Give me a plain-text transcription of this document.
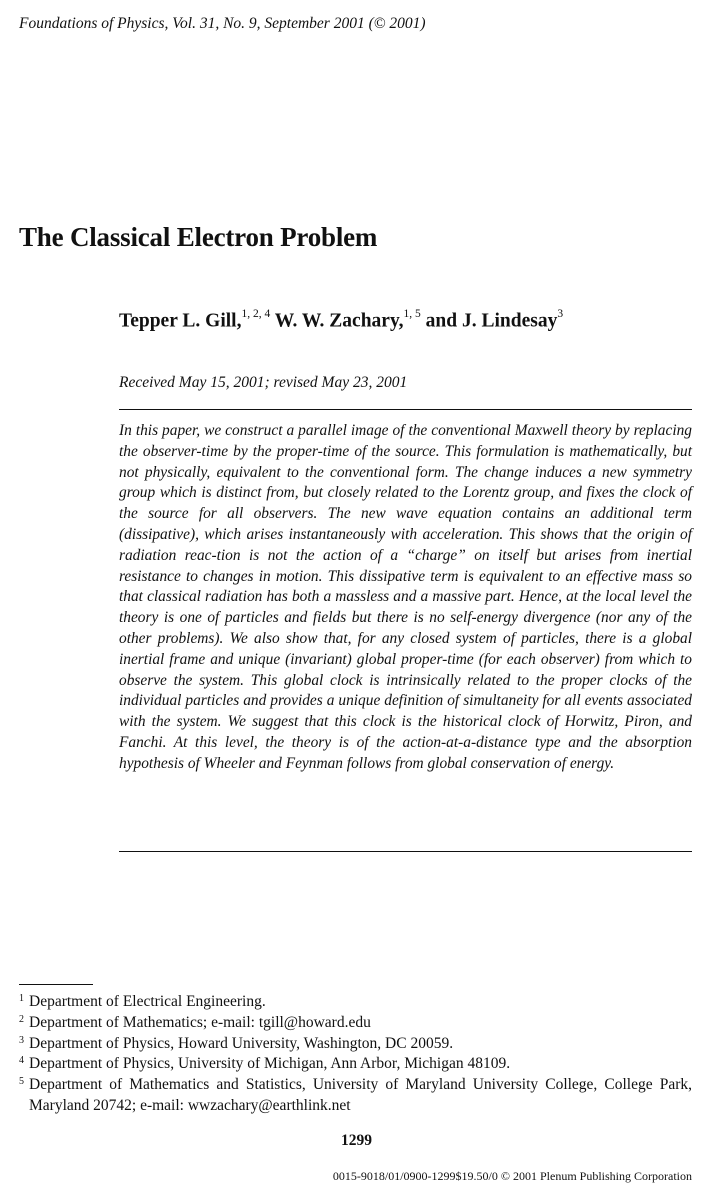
Foundations of Physics, Vol. 31, No. 9, September 2001 (© 2001)
The Classical Electron Problem
Tepper L. Gill,$^{1, 2, 4}$ W. W. Zachary,$^{1, 5}$ and J. Lindesay$^3$
Received May 15, 2001; revised May 23, 2001

In this paper, we construct a parallel image of the conventional Maxwell theory by replacing the observer-time by the proper-time of the source. This formulation is mathematically, but not physically, equivalent to the conventional form. The change induces a new symmetry group which is distinct from, but closely related to the Lorentz group, and fixes the clock of the source for all observers. The new wave equation contains an additional term (dissipative), which arises instantaneously with acceleration. This shows that the origin of radiation reac-tion is not the action of a “charge” on itself but arises from inertial resistance to changes in motion. This dissipative term is equivalent to an effective mass so that classical radiation has both a massless and a massive part. Hence, at the local level the theory is one of particles and fields but there is no self-energy divergence (nor any of the other problems). We also show that, for any closed system of particles, there is a global inertial frame and unique (invariant) global proper-time (for each observer) from which to observe the system. This global clock is intrinsically related to the proper clocks of the individual particles and provides a unique definition of simultaneity for all events associated with the system. We suggest that this clock is the historical clock of Horwitz, Piron, and Fanchi. At this level, the theory is of the action-at-a-distance type and the absorption hypothesis of Wheeler and Feynman follows from global conservation of energy.

1 Department of Electrical Engineering.
2 Department of Mathematics; e-mail: tgill@howard.edu
3 Department of Physics, Howard University, Washington, DC 20059.
4 Department of Physics, University of Michigan, Ann Arbor, Michigan 48109.
5 Department of Mathematics and Statistics, University of Maryland University College, College Park, Maryland 20742; e-mail: wwzachary@earthlink.net
1299
0015-9018/01/0900-1299$19.50/0 © 2001 Plenum Publishing Corporation
